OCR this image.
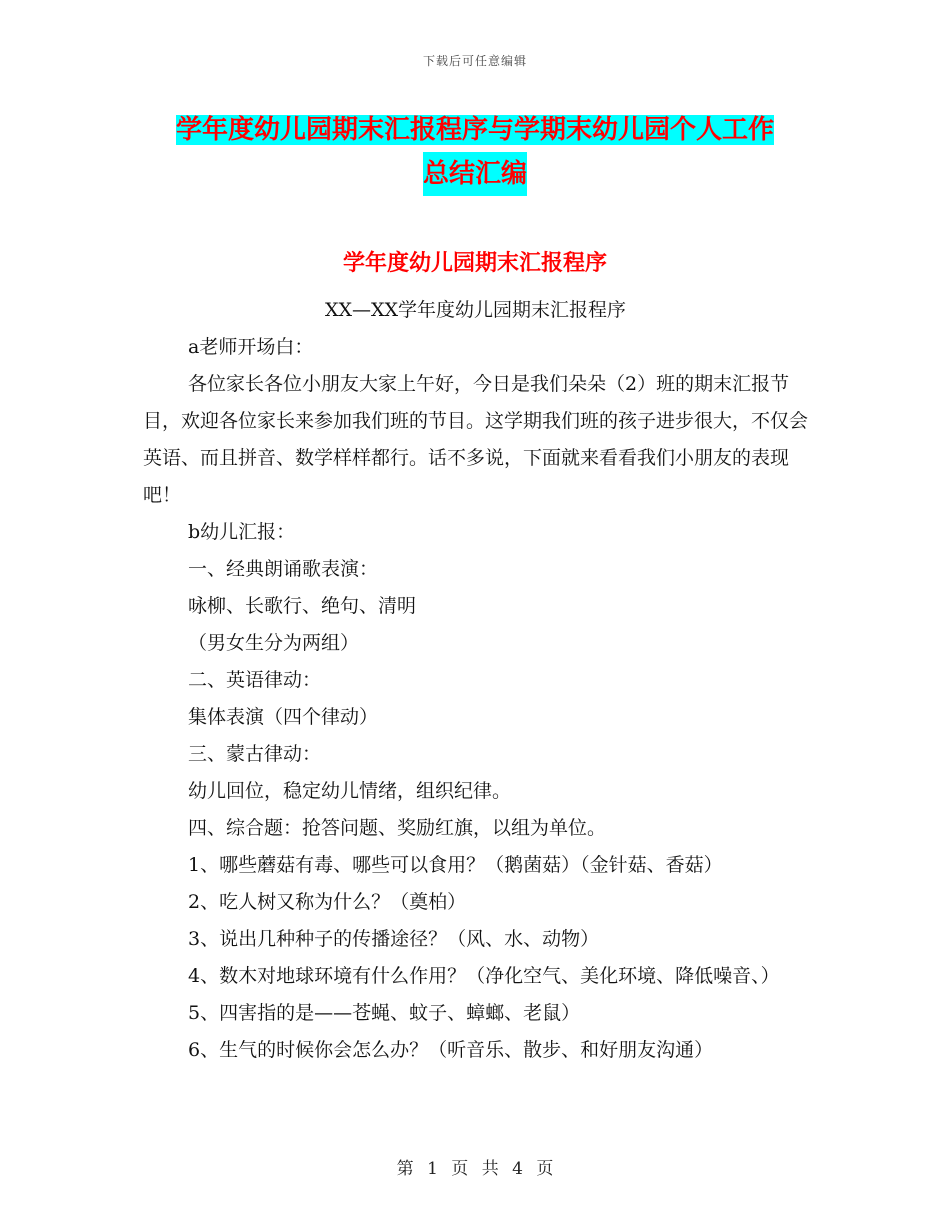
下载后可任意编辑
学年度幼儿园期末汇报程序与学期末幼儿园个人工作
总结汇编
学年度幼儿园期末汇报程序

XX—XX学年度幼儿园期末汇报程序

a老师开场白：

各位家长各位小朋友大家上午好，今日是我们朵朵（2）班的期末汇报节目，欢迎各位家长来参加我们班的节目。这学期我们班的孩子进步很大，不仅会英语、而且拼音、数学样样都行。话不多说，下面就来看看我们小朋友的表现吧！

b幼儿汇报：

一、经典朗诵歌表演：

咏柳、长歌行、绝句、清明

（男女生分为两组）

二、英语律动：

集体表演（四个律动）

三、蒙古律动：

幼儿回位，稳定幼儿情绪，组织纪律。

四、综合题：抢答问题、奖励红旗，以组为单位。

1、哪些蘑菇有毒、哪些可以食用？（鹅菌菇）（金针菇、香菇）

2、吃人树又称为什么？（奠柏）

3、说出几种种子的传播途径？（风、水、动物）

4、数木对地球环境有什么作用？（净化空气、美化环境、降低噪音、）

5、四害指的是——苍蝇、蚊子、蟑螂、老鼠）

6、生气的时候你会怎么办？（听音乐、散步、和好朋友沟通）

第 1 页 共 4 页
